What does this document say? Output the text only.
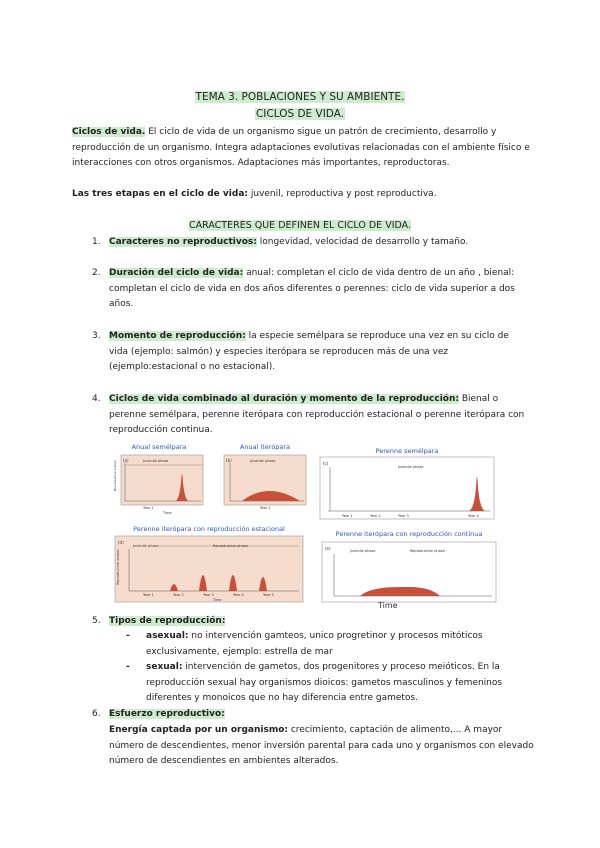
TEMA 3. POBLACIONES Y SU AMBIENTE.
CICLOS DE VIDA.
Ciclos de vida. El ciclo de vida de un organismo sigue un patrón de crecimiento, desarrollo y reproducción de un organismo. Integra adaptaciones evolutivas relacionadas con el ambiente físico e interacciones con otros organismos. Adaptaciones más importantes, reproductoras.
Las tres etapas en el ciclo de vida: juvenil, reproductiva y post reproductiva.
CARACTERES QUE DEFINEN EL CICLO DE VIDA.
1. Caracteres no reproductivos: longevidad, velocidad de desarrollo y tamaño.
2. Duración del ciclo de vida: anual: completan el ciclo de vida dentro de un año , bienal: completan el ciclo de vida en dos años diferentes o perennes: ciclo de vida superior a dos años.
3. Momento de reproducción: la especie semélpara se reproduce una vez en su ciclo de vida (ejemplo: salmón) y especies iterópara se reproducen más de una vez (ejemplo:estacional o no estacional).
4. Ciclos de vida combinado al duración y momento de la reproducción: Bienal o perenne semélpara, perenne iterópara con reproducción estacional o perenne iterópara con reproducción continua.
Anual semélpara
(a)	Juvenile phase
Reproductive output
Year 1
Time
Anual iterópara
(b)	Juvenile phase
Year 1
Perenne semélpara
(c)
Juvenile phase
Year 1	Year 2	Year 3	Year 4
Perenne iterópara con reproducción estacional
(d)
Juvenile phase	Reproductive phase
Reproductive output
Year 1	Year 2	Year 3	Year 4	Year 5
Time
Perenne iterópara con reproducción continua
(e)	Juvenile phase	Reproductive phase
Time
5. Tipos de reproducción:
- asexual: no intervención gamteos, unico progretinor y procesos mitóticos exclusivamente, ejemplo: estrella de mar
- sexual: intervención de gametos, dos progenitores y proceso meióticos. En la reproducción sexual hay organismos dioicos: gametos masculinos y femeninos diferentes y monoicos que no hay diferencia entre gametos.
6. Esfuerzo reproductivo:
Energía captada por un organismo: crecimiento, captación de alimento,... A mayor número de descendientes, menor inversión parental para cada uno y organismos con elevado número de descendientes en ambientes alterados.
